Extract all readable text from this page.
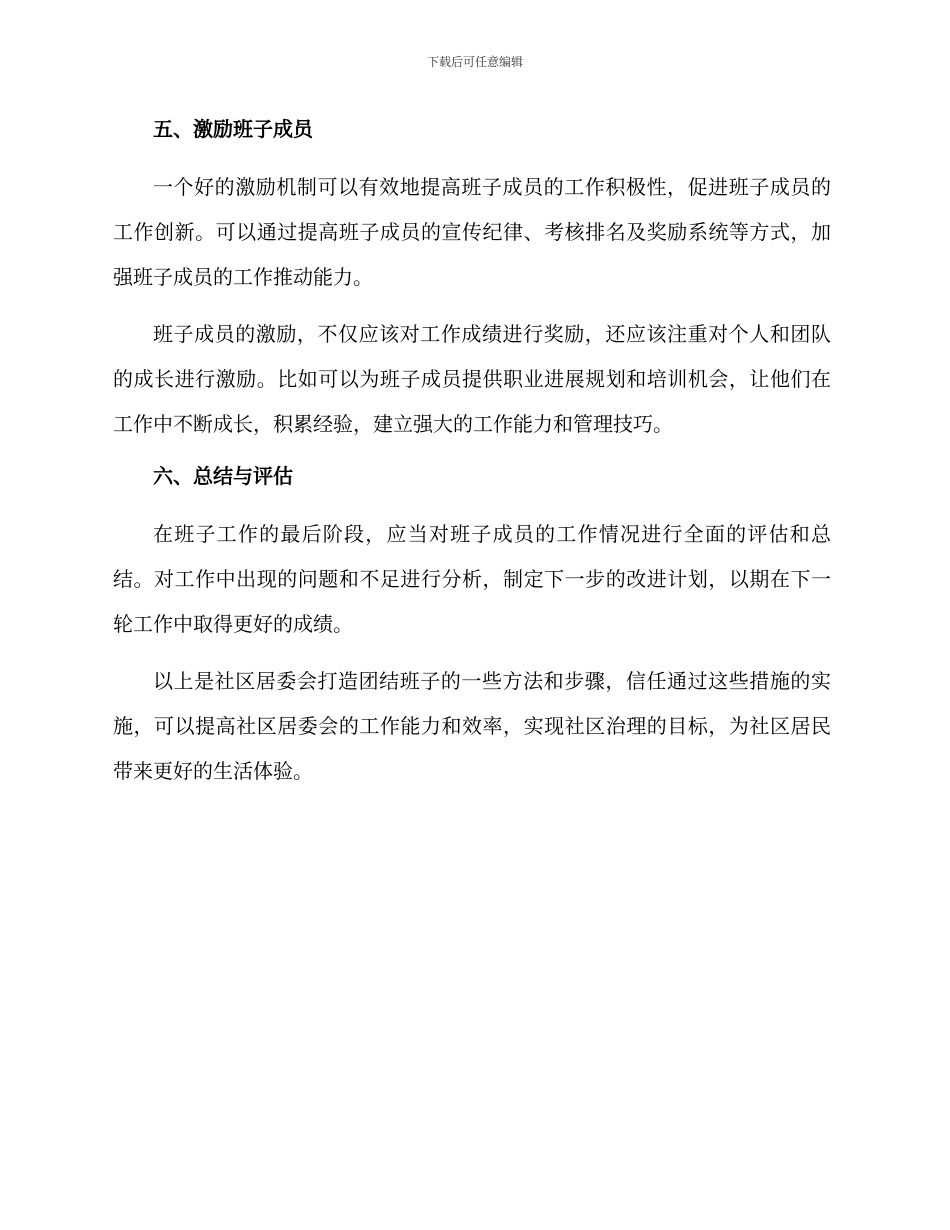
下载后可任意编辑
五、激励班子成员

一个好的激励机制可以有效地提高班子成员的工作积极性，促进班子成员的工作创新。可以通过提高班子成员的宣传纪律、考核排名及奖励系统等方式，加强班子成员的工作推动能力。

班子成员的激励，不仅应该对工作成绩进行奖励，还应该注重对个人和团队的成长进行激励。比如可以为班子成员提供职业进展规划和培训机会，让他们在工作中不断成长，积累经验，建立强大的工作能力和管理技巧。

六、总结与评估

在班子工作的最后阶段，应当对班子成员的工作情况进行全面的评估和总结。对工作中出现的问题和不足进行分析，制定下一步的改进计划，以期在下一轮工作中取得更好的成绩。

以上是社区居委会打造团结班子的一些方法和步骤，信任通过这些措施的实施，可以提高社区居委会的工作能力和效率，实现社区治理的目标，为社区居民带来更好的生活体验。
